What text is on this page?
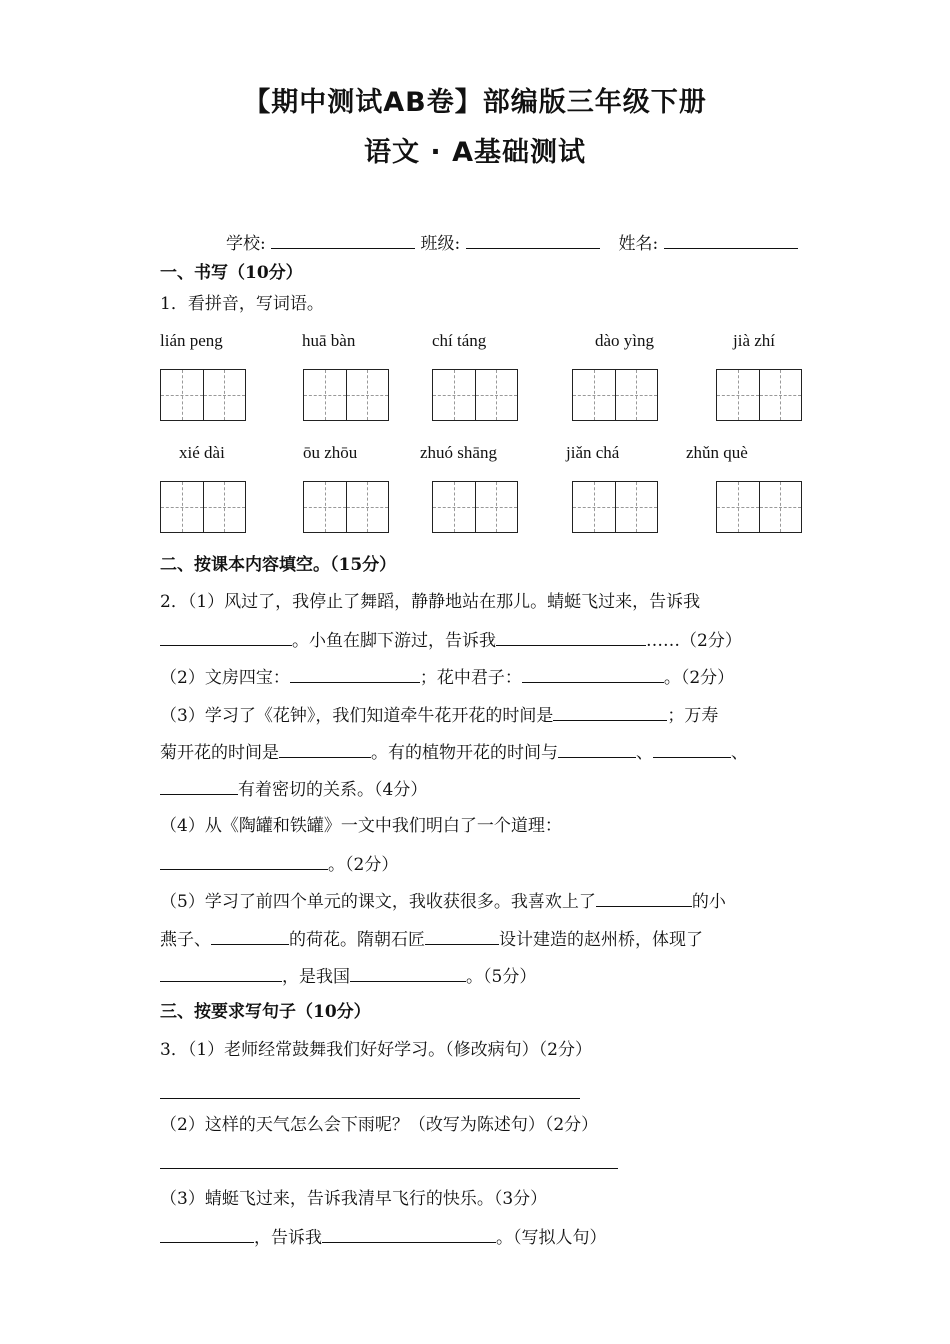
【期中测试AB卷】部编版三年级下册
语文 · A基础测试
学校:	班级:	姓名:
一、书写（10分）
1．看拼音，写词语。
lián peng	huā bàn	chí táng	dào yìng	jià zhí
xié dài	ōu zhōu	zhuó shāng	jiǎn chá	zhǔn què
二、按课本内容填空。（15分）
2．（1）风过了，我停止了舞蹈，静静地站在那儿。蜻蜓飞过来，告诉我
。小鱼在脚下游过，告诉我	……（2分）
（2）文房四宝：	；花中君子：	。（2分）
（3）学习了《花钟》，我们知道牵牛花开花的时间是	；万寿
菊开花的时间是	。有的植物开花的时间与	、	、
有着密切的关系。（4分）
（4）从《陶罐和铁罐》一文中我们明白了一个道理：
。（2分）
（5）学习了前四个单元的课文，我收获很多。我喜欢上了	的小
燕子、	的荷花。隋朝石匠	设计建造的赵州桥，体现了
，是我国	。（5分）
三、按要求写句子（10分）
3．（1）老师经常鼓舞我们好好学习。（修改病句）（2分）
（2）这样的天气怎么会下雨呢？（改写为陈述句）（2分）
（3）蜻蜓飞过来，告诉我清早飞行的快乐。（3分）
，告诉我	。（写拟人句）
